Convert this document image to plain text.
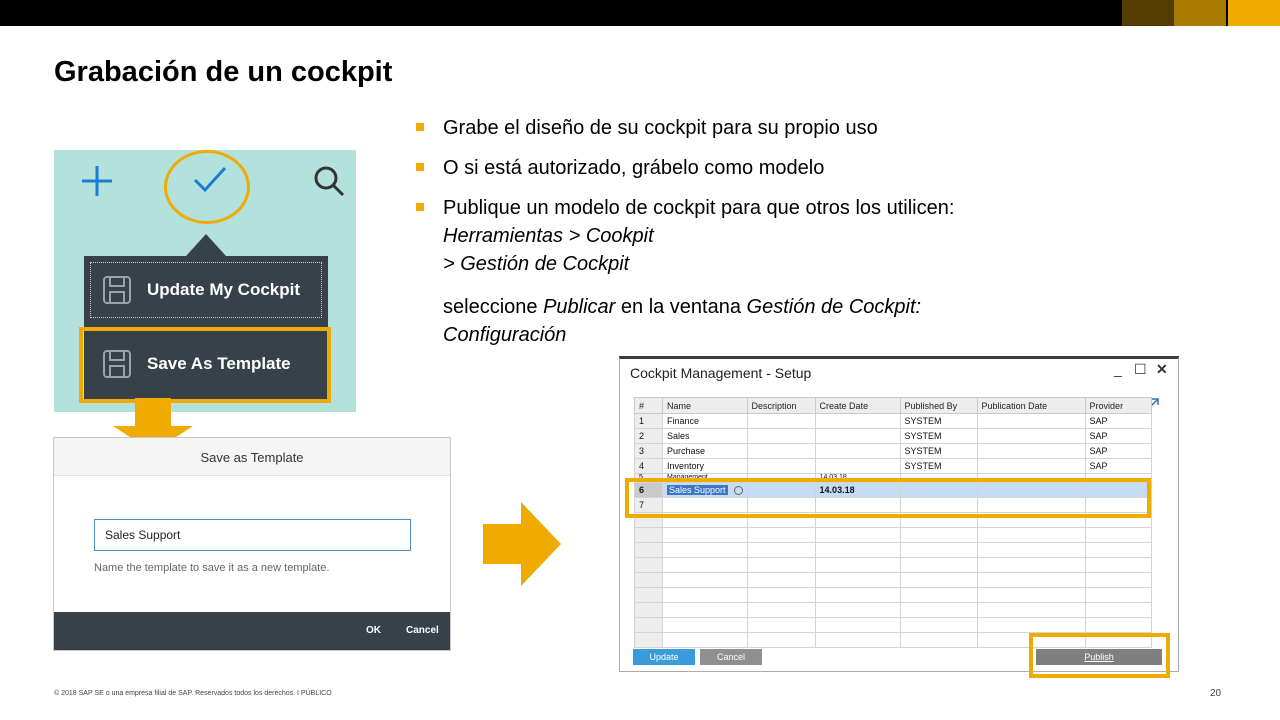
Grabación de un cockpit
Grabe el diseño de su cockpit para su propio uso
O si está autorizado, grábelo como modelo
Publique un modelo de cockpit para que otros los utilicen:
Herramientas > Cookpit
> Gestión de Cockpit
seleccione Publicar en la ventana Gestión de Cockpit:
Configuración
Update My Cockpit
Save As Template
Save as Template
Sales Support
Name the template to save it as a new template.
OK	Cancel
Cockpit Management - Setup	_ ☐ ✕
#	Name	Description	Create Date	Published By	Publication Date	Provider
1	Finance			SYSTEM		SAP
2	Sales			SYSTEM		SAP
3	Purchase			SYSTEM		SAP
4	Inventory			SYSTEM		SAP
5	Management		14.03.18			
6	Sales Support		14.03.18			
7						

Update	Cancel	Publish
© 2018 SAP SE o una empresa filial de SAP. Reservados todos los derechos. I PÚBLICO	20
